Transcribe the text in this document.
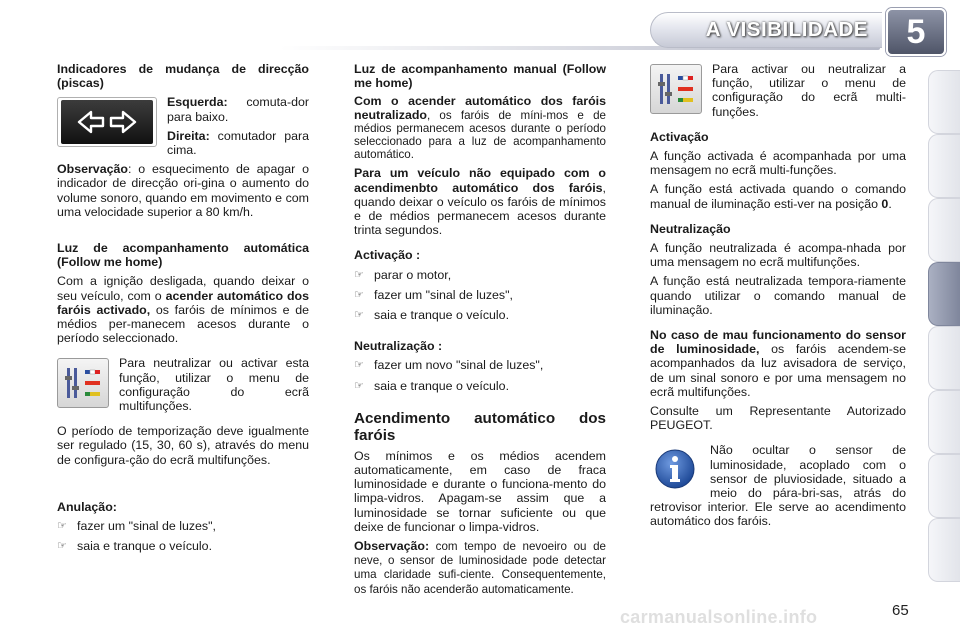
A VISIBILIDADE	5

Indicadores de mudança de direcção (piscas)

Esquerda: comuta-dor para baixo.

Direita: comutador para cima.

Observação: o esquecimento de apagar o indicador de direcção ori-gina o aumento do volume sonoro, quando em movimento e com uma velocidade superior a 80 km/h.

Luz de acompanhamento automática (Follow me home)

Com a ignição desligada, quando deixar o seu veículo, com o acender automático dos faróis activado, os faróis de mínimos e de médios per-manecem acesos durante o período seleccionado.

Para neutralizar ou activar esta função, utilizar o menu de configuração do ecrã multifunções.

O período de temporização deve igualmente ser regulado (15, 30, 60 s), através do menu de configura-ção do ecrã multifunções.

Anulação:

☞ fazer um "sinal de luzes",
☞ saia e tranque o veículo.

Luz de acompanhamento manual (Follow me home)

Com o acender automático dos faróis neutralizado, os faróis de míni-mos e de médios permanecem acesos durante o período seleccionado para a luz de acompanhamento automático.

Para um veículo não equipado com o acendimenbto automático dos faróis, quando deixar o veículo os faróis de mínimos e de médios permanecem acesos durante trinta segundos.

Activação :

☞ parar o motor,
☞ fazer um "sinal de luzes",
☞ saia e tranque o veículo.

Neutralização :

☞ fazer um novo "sinal de luzes",
☞ saia e tranque o veículo.

Acendimento automático dos faróis

Os mínimos e os médios acendem automaticamente, em caso de fraca luminosidade e durante o funciona-mento do limpa-vidros. Apagam-se assim que a luminosidade se tornar suficiente ou que deixe de funcionar o limpa-vidros.

Observação: com tempo de nevoeiro ou de neve, o sensor de luminosidade pode detectar uma claridade sufi-ciente. Consequentemente, os faróis não acenderão automaticamente.

Para activar ou neutralizar a função, utilizar o menu de configuração do ecrã multi-funções.

Activação

A função activada é acompanhada por uma mensagem no ecrã multi-funções.

A função está activada quando o comando manual de iluminação esti-ver na posição 0.

Neutralização

A função neutralizada é acompa-nhada por uma mensagem no ecrã multifunções.

A função está neutralizada tempora-riamente quando utilizar o comando manual de iluminação.

No caso de mau funcionamento do sensor de luminosidade, os faróis acendem-se acompanhados da luz avisadora de serviço, de um sinal sonoro e por uma mensagem no ecrã multifunções.

Consulte um Representante Autorizado PEUGEOT.

Não ocultar o sensor de luminosidade, acoplado com o sensor de pluviosidade, situado a meio do pára-bri-sas, atrás do retrovisor interior. Ele serve ao acendimento automático dos faróis.

carmanualsonline.info	65
